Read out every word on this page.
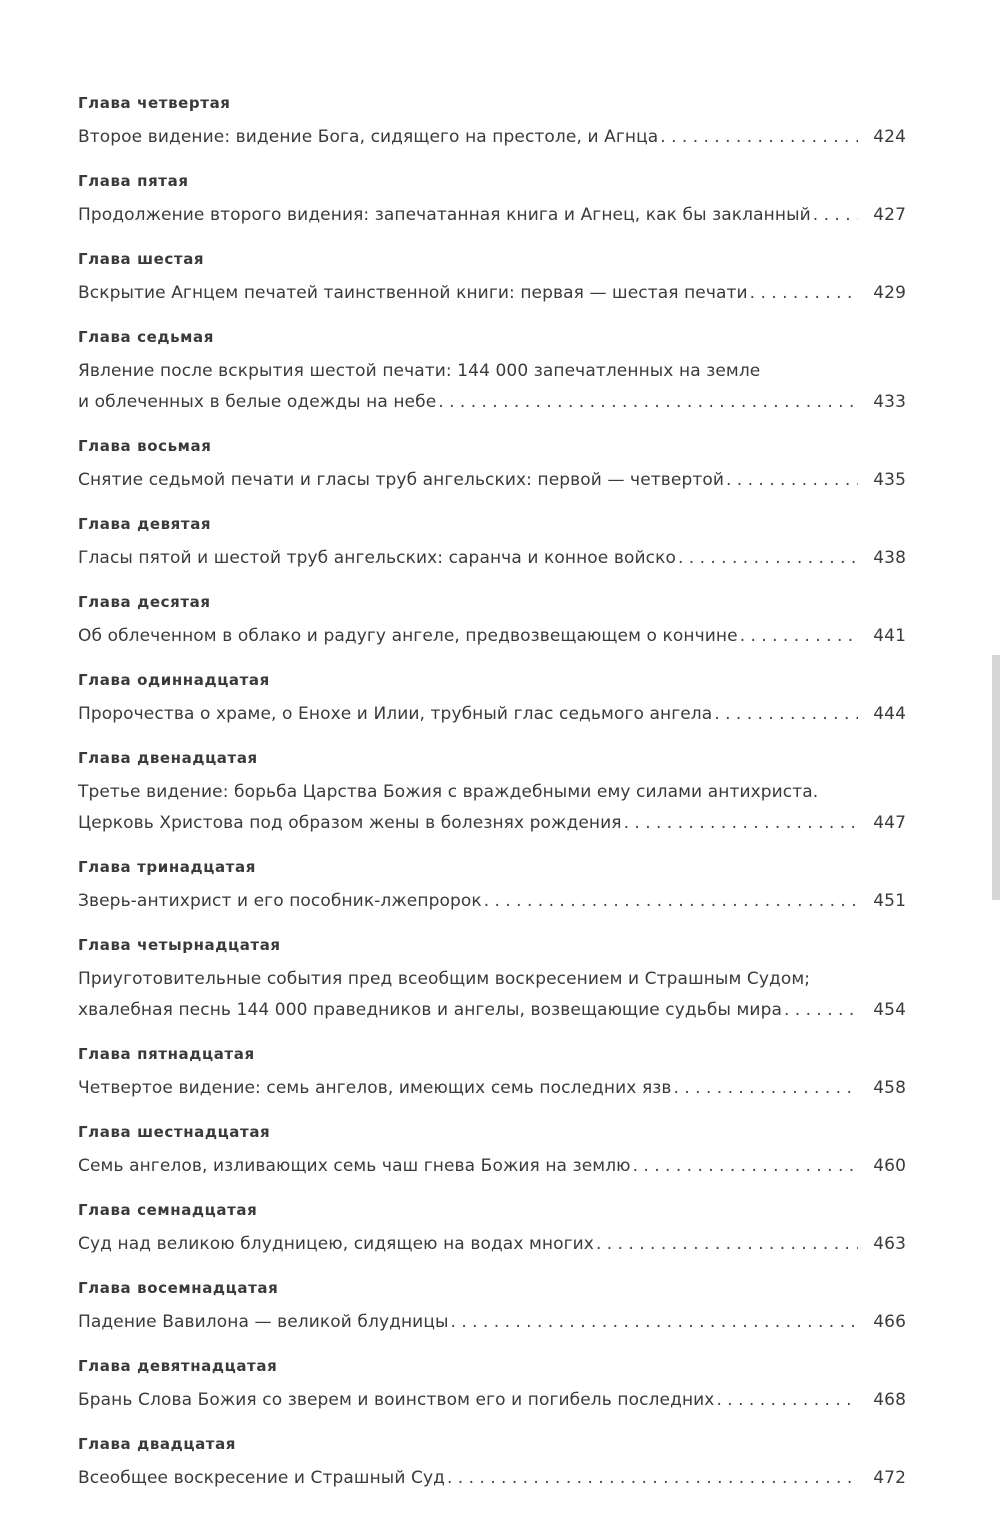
Глава четвертая
Второе видение: видение Бога, сидящего на престоле, и Агнца . . .	424
Глава пятая
Продолжение второго видения: запечатанная книга и Агнец, как бы закланный . . .	427
Глава шестая
Вскрытие Агнцем печатей таинственной книги: первая — шестая печати . . .	429
Глава седьмая
Явление после вскрытия шестой печати: 144 000 запечатленных на земле
и облеченных в белые одежды на небе . . .	433
Глава восьмая
Снятие седьмой печати и гласы труб ангельских: первой — четвертой . . .	435
Глава девятая
Гласы пятой и шестой труб ангельских: саранча и конное войско . . .	438
Глава десятая
Об облеченном в облако и радугу ангеле, предвозвещающем о кончине . . .	441
Глава одиннадцатая
Пророчества о храме, о Енохе и Илии, трубный глас седьмого ангела . . .	444
Глава двенадцатая
Третье видение: борьба Царства Божия с враждебными ему силами антихриста.
Церковь Христова под образом жены в болезнях рождения . . .	447
Глава тринадцатая
Зверь-антихрист и его пособник-лжепророк . . .	451
Глава четырнадцатая
Приуготовительные события пред всеобщим воскресением и Страшным Судом;
хвалебная песнь 144 000 праведников и ангелы, возвещающие судьбы мира . . .	454
Глава пятнадцатая
Четвертое видение: семь ангелов, имеющих семь последних язв . . .	458
Глава шестнадцатая
Семь ангелов, изливающих семь чаш гнева Божия на землю . . .	460
Глава семнадцатая
Суд над великою блудницею, сидящею на водах многих . . .	463
Глава восемнадцатая
Падение Вавилона — великой блудницы . . .	466
Глава девятнадцатая
Брань Слова Божия со зверем и воинством его и погибель последних . . .	468
Глава двадцатая
Всеобщее воскресение и Страшный Суд . . .	472
